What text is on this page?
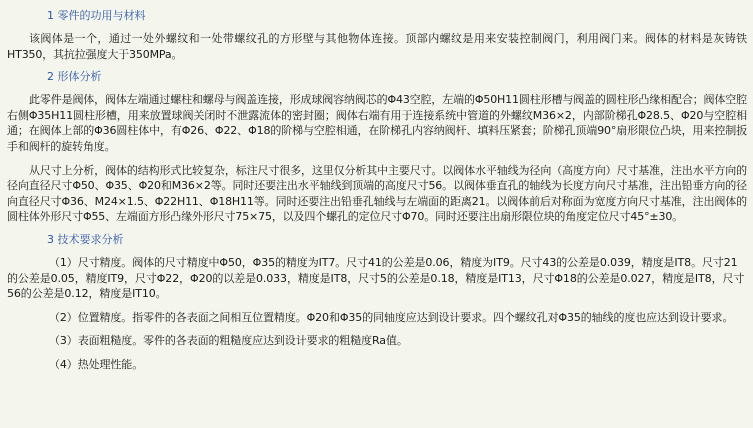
1 零件的功用与材料

该阀体是一个，通过一处外螺纹和一处带螺纹孔的方形壁与其他物体连接。顶部内螺纹是用来安装控制阀门，利用阀门来。阀体的材料是灰铸铁HT350，其抗拉强度大于350MPa。

2 形体分析

此零件是阀体，阀体左端通过螺柱和螺母与阀盖连接，形成球阀容纳阀芯的Φ43空腔，左端的Φ50H11圆柱形槽与阀盖的圆柱形凸缘相配合；阀体空腔右侧Φ35H11圆柱形槽，用来放置球阀关闭时不泄露流体的密封圈；阀体右端有用于连接系统中管道的外螺纹M36×2，内部阶梯孔Φ28.5、Φ20与空腔相通；在阀体上部的Φ36圆柱体中，有Φ26、Φ22、Φ18的阶梯与空腔相通，在阶梯孔内容纳阀杆、填料压紧套；阶梯孔顶端90°扇形限位凸块，用来控制扳手和阀杆的旋转角度。

从尺寸上分析，阀体的结构形式比较复杂，标注尺寸很多，这里仅分析其中主要尺寸。以阀体水平轴线为径向（高度方向）尺寸基准，注出水平方向的径向直径尺寸Φ50、Φ35、Φ20和M36×2等。同时还要注出水平轴线到顶端的高度尺寸56。以阀体垂直孔的轴线为长度方向尺寸基准，注出铅垂方向的径向直径尺寸Φ36、M24×1.5、Φ22H11、Φ18H11等。同时还要注出铅垂孔轴线与左端面的距离21。以阀体前后对称面为宽度方向尺寸基准，注出阀体的圆柱体外形尺寸Φ55、左端面方形凸缘外形尺寸75×75，以及四个螺孔的定位尺寸Φ70。同时还要注出扇形限位块的角度定位尺寸45°±30。

3 技术要求分析

（1）尺寸精度。阀体的尺寸精度中Φ50，Φ35的精度为IT7。尺寸41的公差是0.06，精度为IT9。尺寸43的公差是0.039，精度是IT8。尺寸21的公差是0.05，精度IT9，尺寸Φ22，Φ20的以差是0.033，精度是IT8，尺寸5的公差是0.18，精度是IT13，尺寸Φ18的公差是0.027，精度是IT8，尺寸56的公差是0.12，精度是IT10。

（2）位置精度。指零件的各表面之间相互位置精度。Φ20和Φ35的同轴度应达到设计要求。四个螺纹孔对Φ35的轴线的度也应达到设计要求。

（3）表面粗糙度。零件的各表面的粗糙度应达到设计要求的粗糙度Ra值。

（4）热处理性能。
